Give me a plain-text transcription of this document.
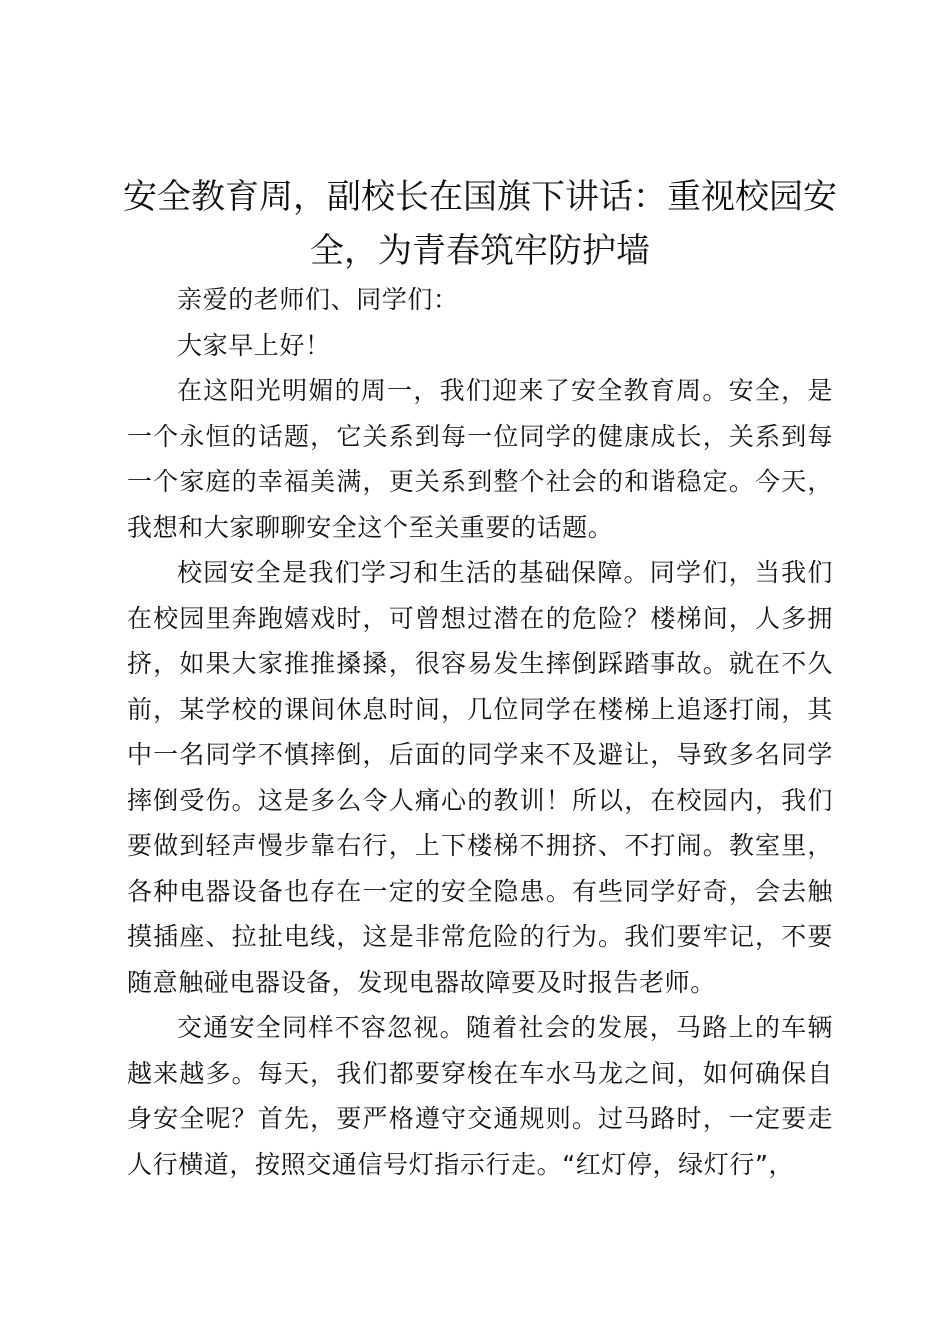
安全教育周，副校长在国旗下讲话：重视校园安全，为青春筑牢防护墙

亲爱的老师们、同学们：

大家早上好！

在这阳光明媚的周一，我们迎来了安全教育周。安全，是一个永恒的话题，它关系到每一位同学的健康成长，关系到每一个家庭的幸福美满，更关系到整个社会的和谐稳定。今天，我想和大家聊聊安全这个至关重要的话题。

校园安全是我们学习和生活的基础保障。同学们，当我们在校园里奔跑嬉戏时，可曾想过潜在的危险？楼梯间，人多拥挤，如果大家推推搡搡，很容易发生摔倒踩踏事故。就在不久前，某学校的课间休息时间，几位同学在楼梯上追逐打闹，其中一名同学不慎摔倒，后面的同学来不及避让，导致多名同学摔倒受伤。这是多么令人痛心的教训！所以，在校园内，我们要做到轻声慢步靠右行，上下楼梯不拥挤、不打闹。教室里，各种电器设备也存在一定的安全隐患。有些同学好奇，会去触摸插座、拉扯电线，这是非常危险的行为。我们要牢记，不要随意触碰电器设备，发现电器故障要及时报告老师。

交通安全同样不容忽视。随着社会的发展，马路上的车辆越来越多。每天，我们都要穿梭在车水马龙之间，如何确保自身安全呢？首先，要严格遵守交通规则。过马路时，一定要走人行横道，按照交通信号灯指示行走。“红灯停，绿灯行”，
